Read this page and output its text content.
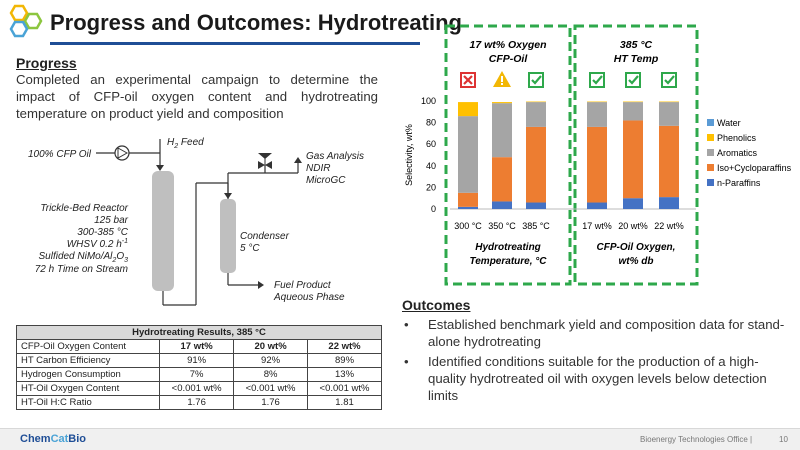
Progress and Outcomes: Hydrotreating
Progress
Completed an experimental campaign to determine the impact of CFP-oil oxygen content and hydrotreating temperature on product yield and composition
100% CFP Oil
$H_2$ Feed
Trickle-Bed Reactor
125 bar
300-385 °C
WHSV 0.2 $h^{-1}$
Sulfided NiMo/$Al_2O_3$
72 h Time on Stream
Condenser
5 °C
Gas Analysis
NDIR
MicroGC
Fuel Product
Aqueous Phase
Hydrotreating Results, 385 °C			
CFP-Oil Oxygen Content	17 wt%	20 wt%	22 wt%
HT Carbon Efficiency	91%	92%	89%
Hydrogen Consumption	7%	8%	13%
HT-Oil Oxygen Content	<0.001 wt%	<0.001 wt%	<0.001 wt%
HT-Oil H:C Ratio	1.76	1.76	1.81
Selectivity, wt%
0
20
40
60
80
100
17 wt% Oxygen
CFP-Oil
Hydrotreating
Temperature, °C
300 °C 350 °C 385 °C
385 °C
HT Temp
CFP-Oil Oxygen,
wt% db
17 wt% 20 wt% 22 wt%
Water
Phenolics
Aromatics
Iso+Cycloparaffins
n-Paraffins
Outcomes
• Established benchmark yield and composition data for stand-alone hydrotreating
• Identified conditions suitable for the production of a high-quality hydrotreated oil with oxygen levels below detection limits
ChemCatBio	Bioenergy Technologies Office |	10
